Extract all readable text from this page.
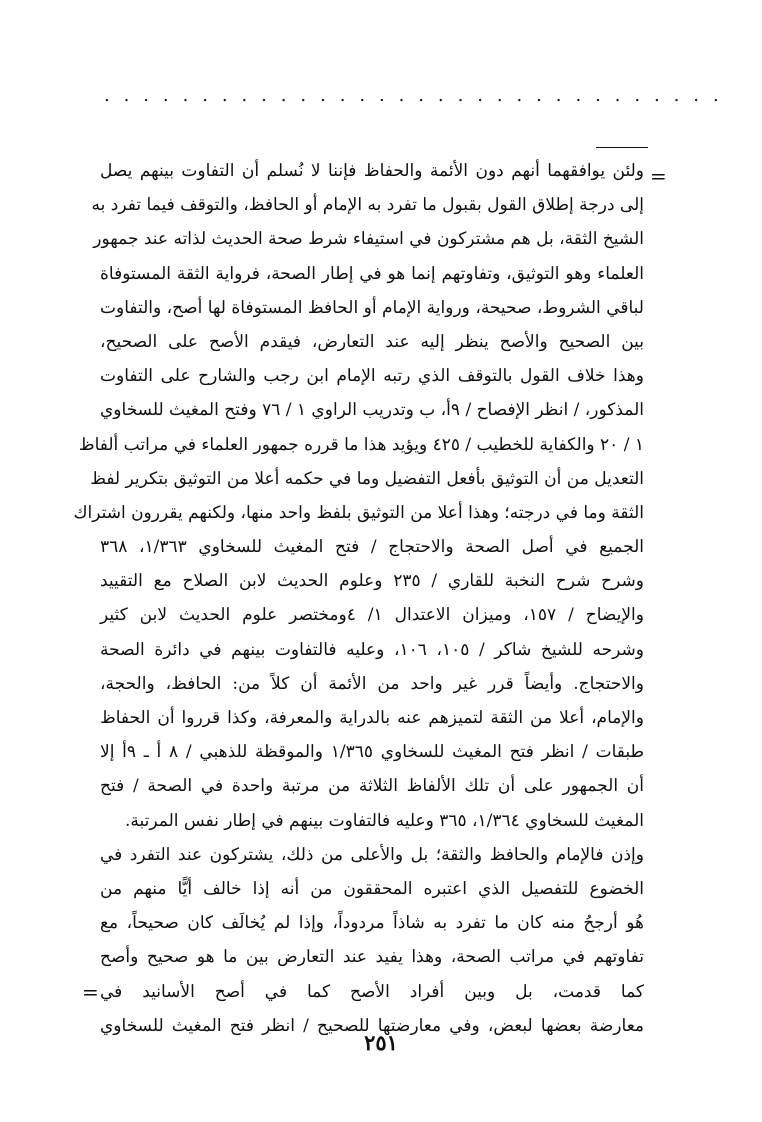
. . . . . . . . . . . . . . . . . . . . . . . . . . . . . . . .
=
ولئن يوافقهما أنهم دون الأئمة والحفاظ فإننا لا نُسلم أن التفاوت بينهم يصل
إلى درجة إطلاق القول بقبول ما تفرد به الإمام أو الحافظ، والتوقف فيما تفرد به
الشيخ الثقة، بل هم مشتركون في استيفاء شرط صحة الحديث لذاته عند جمهور
العلماء وهو التوثيق، وتفاوتهم إنما هو في إطار الصحة، فرواية الثقة المستوفاة
لباقي الشروط، صحيحة، ورواية الإمام أو الحافظ المستوفاة لها أصح، والتفاوت
بين الصحيح والأصح ينظر إليه عند التعارض، فيقدم الأصح على الصحيح،
وهذا خلاف القول بالتوقف الذي رتبه الإمام ابن رجب والشارح على التفاوت
المذكور، / انظر الإفصاح / ٩أ، ب وتدريب الراوي ١ / ٧٦ وفتح المغيث للسخاوي
١ / ٢٠ والكفاية للخطيب / ٤٢٥ ويؤيد هذا ما قرره جمهور العلماء في مراتب ألفاظ
التعديل من أن التوثيق بأفعل التفضيل وما في حكمه أعلا من التوثيق بتكرير لفظ
الثقة وما في درجته؛ وهذا أعلا من التوثيق بلفظ واحد منها، ولكنهم يقررون اشتراك
الجميع في أصل الصحة والاحتجاج / فتح المغيث للسخاوي ١/٣٦٣، ٣٦٨
وشرح شرح النخبة للقاري / ٢٣٥ وعلوم الحديث لابن الصلاح مع التقييد
والإيضاح / ١٥٧، وميزان الاعتدال ١/ ٤ومختصر علوم الحديث لابن كثير
وشرحه للشيخ شاكر / ١٠٥، ١٠٦، وعليه فالتفاوت بينهم في دائرة الصحة
والاحتجاج. وأيضاً قرر غير واحد من الأئمة أن كلاً من: الحافظ، والحجة،
والإمام، أعلا من الثقة لتميزهم عنه بالدراية والمعرفة، وكذا قرروا أن الحفاظ
طبقات / انظر فتح المغيث للسخاوي ١/٣٦٥ والموقظة للذهبي / ٨ أ ـ ٩أ إلا
أن الجمهور على أن تلك الألفاظ الثلاثة من مرتبة واحدة في الصحة / فتح
المغيث للسخاوي ١/٣٦٤، ٣٦٥ وعليه فالتفاوت بينهم في إطار نفس المرتبة.
وإذن فالإمام والحافظ والثقة؛ بل والأعلى من ذلك، يشتركون عند التفرد في
الخضوع للتفصيل الذي اعتبره المحققون من أنه إذا خالف أيًّا منهم من
هُو أرجحُ منه كان ما تفرد به شاذاً مردوداً، وإذا لم يُخالَف كان صحيحاً، مع
تفاوتهم في مراتب الصحة، وهذا يفيد عند التعارض بين ما هو صحيح وأصح
كما قدمت، بل وبين أفراد الأصح كما في أصح الأسانيد في
معارضة بعضها لبعض، وفي معارضتها للصحيح / انظر فتح المغيث للسخاوي
=
٢٥١
